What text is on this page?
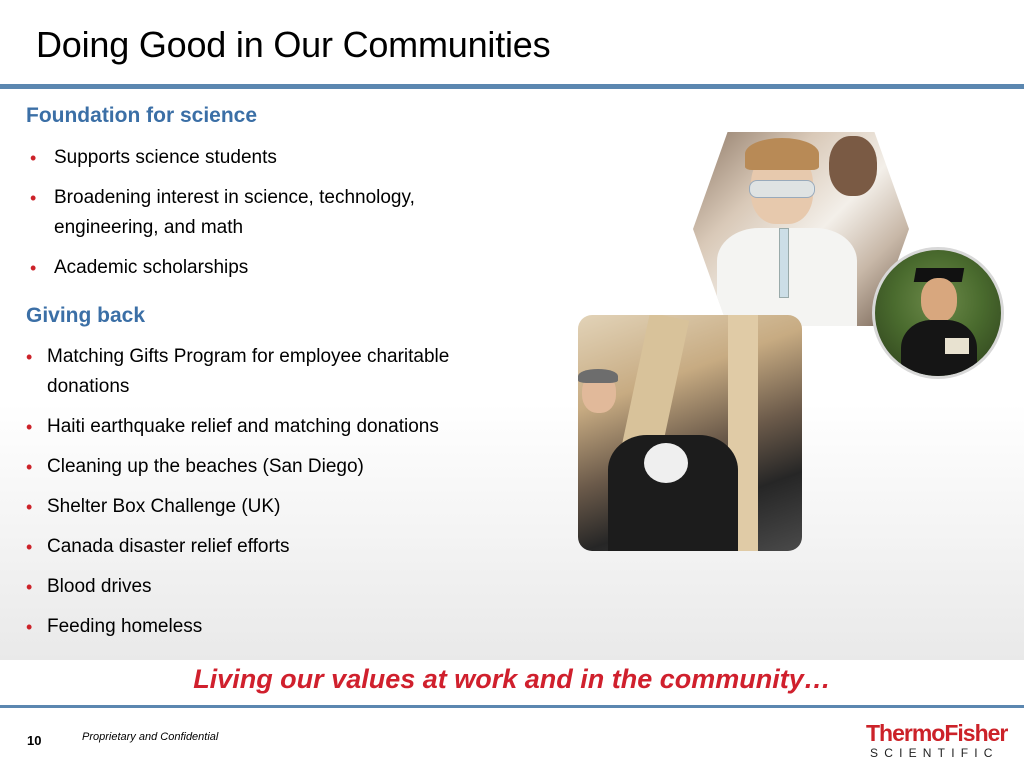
Doing Good in Our Communities
Foundation for science
• Supports science students
• Broadening interest in science, technology, engineering, and math
• Academic scholarships
Giving back
• Matching Gifts Program for employee charitable donations
• Haiti earthquake relief and matching donations
• Cleaning up the beaches (San Diego)
• Shelter Box Challenge (UK)
• Canada disaster relief efforts
• Blood drives
• Feeding homeless
Living our values at work and in the community…
10	Proprietary and Confidential	ThermoFisher
SCIENTIFIC
